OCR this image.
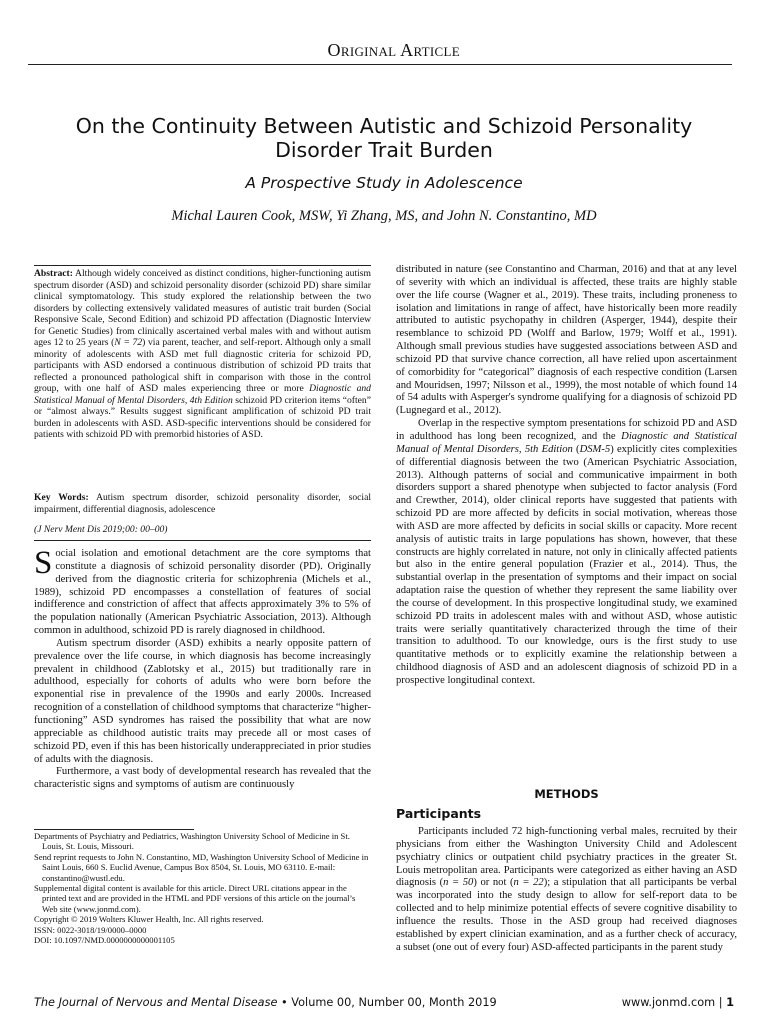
Original Article
On the Continuity Between Autistic and Schizoid Personality Disorder Trait Burden
A Prospective Study in Adolescence
Michal Lauren Cook, MSW, Yi Zhang, MS, and John N. Constantino, MD
Abstract: Although widely conceived as distinct conditions, higher-functioning autism spectrum disorder (ASD) and schizoid personality disorder (schizoid PD) share similar clinical symptomatology. This study explored the relationship between the two disorders by collecting extensively validated measures of autistic trait burden (Social Responsive Scale, Second Edition) and schizoid PD affectation (Diagnostic Interview for Genetic Studies) from clinically ascertained verbal males with and without autism ages 12 to 25 years (N = 72) via parent, teacher, and self-report. Although only a small minority of adolescents with ASD met full diagnostic criteria for schizoid PD, participants with ASD endorsed a continuous distribution of schizoid PD traits that reflected a pronounced pathological shift in comparison with those in the control group, with one half of ASD males experiencing three or more Diagnostic and Statistical Manual of Mental Disorders, 4th Edition schizoid PD criterion items “often” or “almost always.” Results suggest significant amplification of schizoid PD trait burden in adolescents with ASD. ASD-specific interventions should be considered for patients with schizoid PD with premorbid histories of ASD.
Key Words: Autism spectrum disorder, schizoid personality disorder, social impairment, differential diagnosis, adolescence
(J Nerv Ment Dis 2019;00: 00–00)

Social isolation and emotional detachment are the core symptoms that constitute a diagnosis of schizoid personality disorder (PD). Originally derived from the diagnostic criteria for schizophrenia (Michels et al., 1989), schizoid PD encompasses a constellation of features of social indifference and constriction of affect that affects approximately 3% to 5% of the population nationally (American Psychiatric Association, 2013). Although common in adulthood, schizoid PD is rarely diagnosed in childhood.

Autism spectrum disorder (ASD) exhibits a nearly opposite pattern of prevalence over the life course, in which diagnosis has become increasingly prevalent in childhood (Zablotsky et al., 2015) but traditionally rare in adulthood, especially for cohorts of adults who were born before the exponential rise in prevalence of the 1990s and early 2000s. Increased recognition of a constellation of childhood symptoms that characterize “higher-functioning” ASD syndromes has raised the possibility that what are now appreciable as childhood autistic traits may precede all or most cases of schizoid PD, even if this has been historically underappreciated in prior studies of adults with the diagnosis.

Furthermore, a vast body of developmental research has revealed that the characteristic signs and symptoms of autism are continuously

Departments of Psychiatry and Pediatrics, Washington University School of Medicine in St. Louis, St. Louis, Missouri.

Send reprint requests to John N. Constantino, MD, Washington University School of Medicine in Saint Louis, 660 S. Euclid Avenue, Campus Box 8504, St. Louis, MO 63110. E-mail: constantino@wustl.edu.

Supplemental digital content is available for this article. Direct URL citations appear in the printed text and are provided in the HTML and PDF versions of this article on the journal’s Web site (www.jonmd.com).

Copyright © 2019 Wolters Kluwer Health, Inc. All rights reserved.

ISSN: 0022-3018/19/0000–0000

DOI: 10.1097/NMD.0000000000001105

distributed in nature (see Constantino and Charman, 2016) and that at any level of severity with which an individual is affected, these traits are highly stable over the life course (Wagner et al., 2019). These traits, including proneness to isolation and limitations in range of affect, have historically been more readily attributed to autistic psychopathy in children (Asperger, 1944), despite their resemblance to schizoid PD (Wolff and Barlow, 1979; Wolff et al., 1991). Although small previous studies have suggested associations between ASD and schizoid PD that survive chance correction, all have relied upon ascertainment of comorbidity for “categorical” diagnosis of each respective condition (Larsen and Mouridsen, 1997; Nilsson et al., 1999), the most notable of which found 14 of 54 adults with Asperger's syndrome qualifying for a diagnosis of schizoid PD (Lugnegard et al., 2012).

Overlap in the respective symptom presentations for schizoid PD and ASD in adulthood has long been recognized, and the Diagnostic and Statistical Manual of Mental Disorders, 5th Edition (DSM-5) explicitly cites complexities of differential diagnosis between the two (American Psychiatric Association, 2013). Although patterns of social and communicative impairment in both disorders support a shared phenotype when subjected to factor analysis (Ford and Crewther, 2014), older clinical reports have suggested that patients with schizoid PD are more affected by deficits in social motivation, whereas those with ASD are more affected by deficits in social skills or capacity. More recent analysis of autistic traits in large populations has shown, however, that these constructs are highly correlated in nature, not only in clinically affected patients but also in the entire general population (Frazier et al., 2014). Thus, the substantial overlap in the presentation of symptoms and their impact on social adaptation raise the question of whether they represent the same liability over the course of development. In this prospective longitudinal study, we examined schizoid PD traits in adolescent males with and without ASD, whose autistic traits were serially quantitatively characterized through the time of their transition to adulthood. To our knowledge, ours is the first study to use quantitative methods or to explicitly examine the relationship between a childhood diagnosis of ASD and an adolescent diagnosis of schizoid PD in a prospective longitudinal context.

METHODS
Participants

Participants included 72 high-functioning verbal males, recruited by their physicians from either the Washington University Child and Adolescent psychiatry clinics or outpatient child psychiatry practices in the greater St. Louis metropolitan area. Participants were categorized as either having an ASD diagnosis (n = 50) or not (n = 22); a stipulation that all participants be verbal was incorporated into the study design to allow for self-report data to be collected and to help minimize potential effects of severe cognitive disability to influence the results. Those in the ASD group had received diagnoses established by expert clinician examination, and as a further check of accuracy, a subset (one out of every four) ASD-affected participants in the parent study

The Journal of Nervous and Mental Disease • Volume 00, Number 00, Month 2019	www.jonmd.com | 1
